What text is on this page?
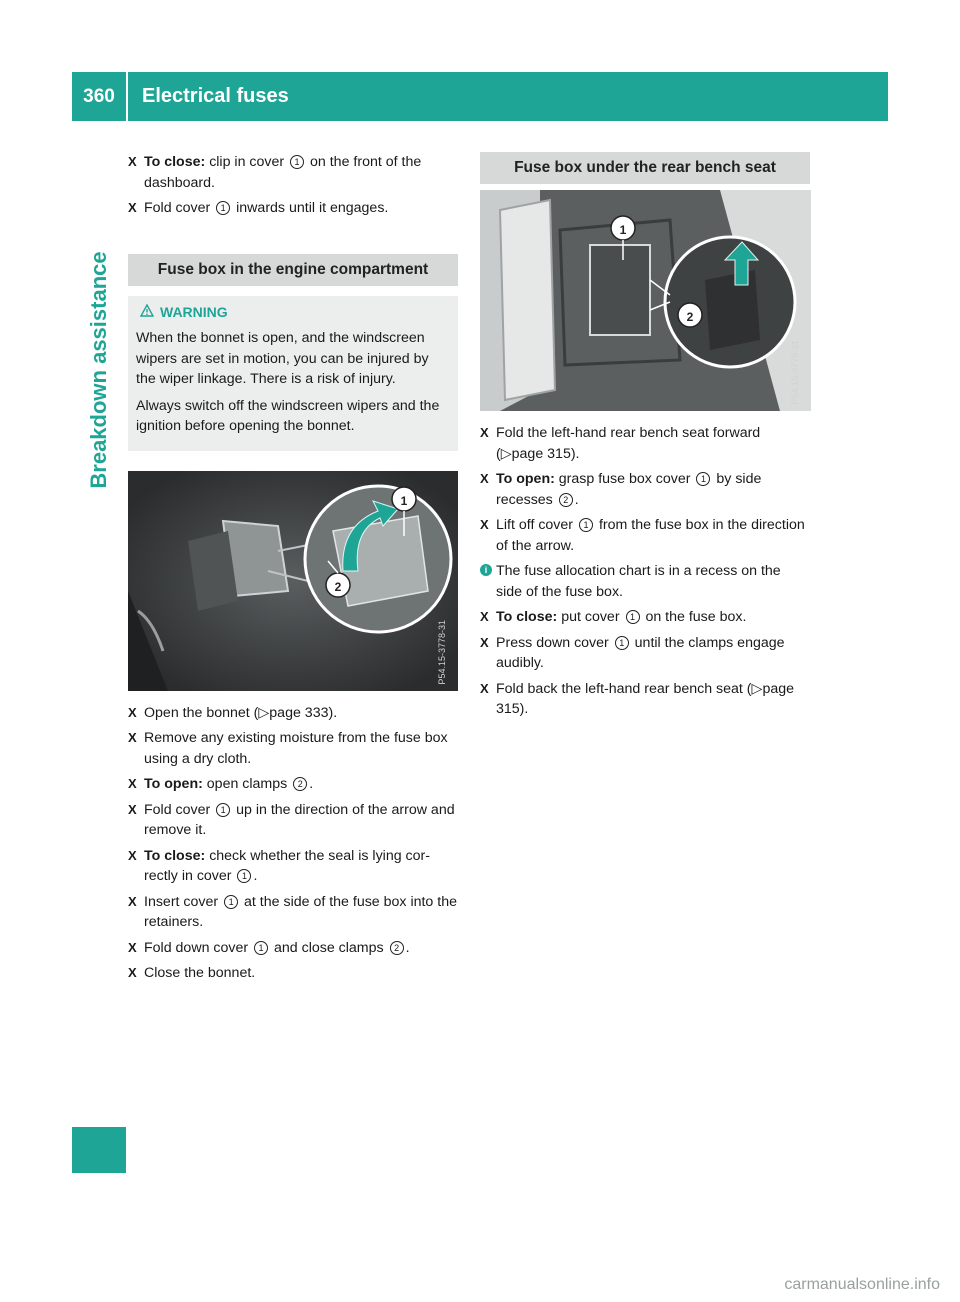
360	Electrical fuses
Breakdown assistance
X To close: clip in cover 1 on the front of the dashboard.
X Fold cover 1 inwards until it engages.
Fuse box in the engine compartment
WARNING

When the bonnet is open, and the windscreen wipers are set in motion, you can be injured by the wiper linkage. There is a risk of injury.

Always switch off the windscreen wipers and the ignition before opening the bonnet.

1
2
P54.15-3778-31
X Open the bonnet (▷page 333).
X Remove any existing moisture from the fuse box using a dry cloth.
X To open: open clamps 2 .
X Fold cover 1 up in the direction of the arrow and remove it.
X To close: check whether the seal is lying cor- rectly in cover 1 .
X Insert cover 1 at the side of the fuse box into the retainers.
X Fold down cover 1 and close clamps 2 .
X Close the bonnet.
Fuse box under the rear bench seat
1
2
P54.15-3779-31
X Fold the left-hand rear bench seat forward (▷page 315).
X To open: grasp fuse box cover 1 by side recesses 2 .
X Lift off cover 1 from the fuse box in the direction of the arrow.
i The fuse allocation chart is in a recess on the side of the fuse box.
X To close: put cover 1 on the fuse box.
X Press down cover 1 until the clamps engage audibly.
X Fold back the left-hand rear bench seat (▷page 315).
carmanualsonline.info
